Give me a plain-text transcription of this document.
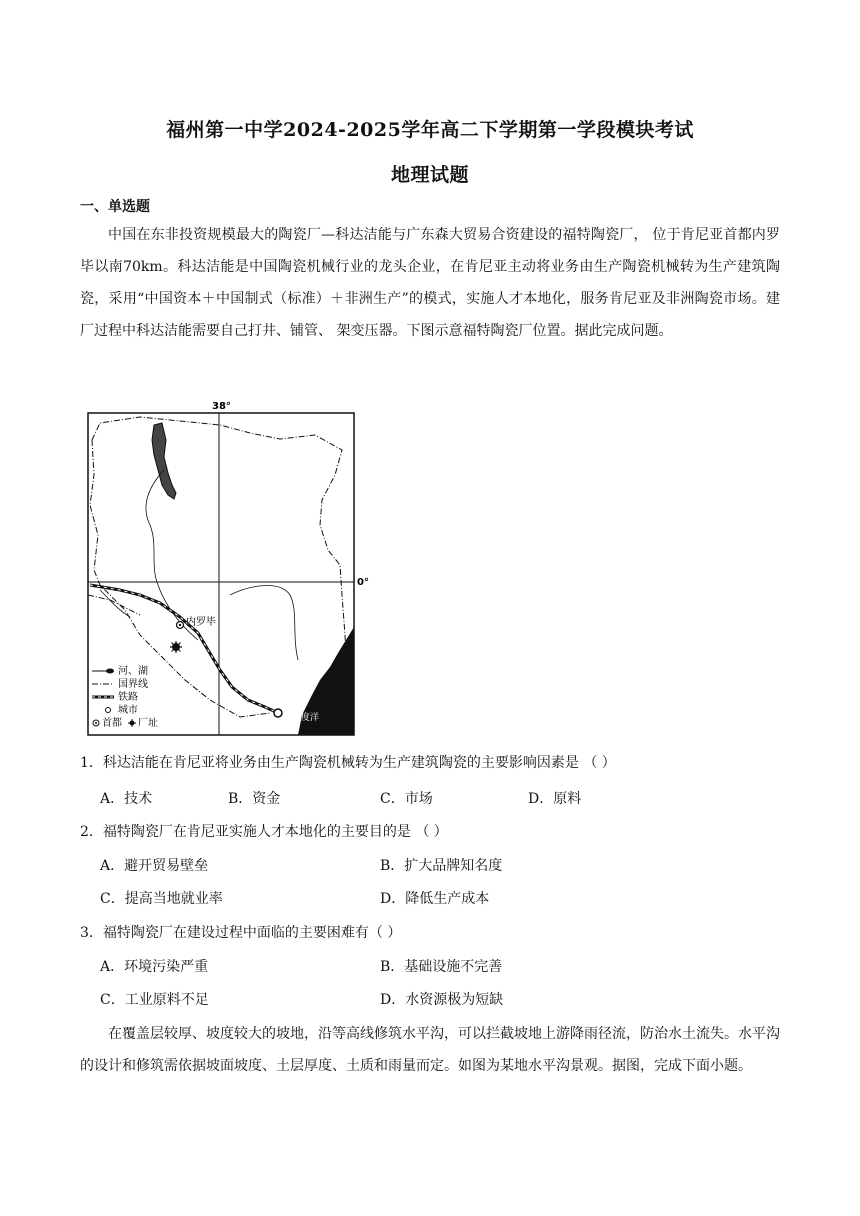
福州第一中学2024-2025学年高二下学期第一学段模块考试
地理试题
一、单选题
中国在东非投资规模最大的陶瓷厂—科达洁能与广东森大贸易合资建设的福特陶瓷厂， 位于肯尼亚首都内罗毕以南70km。科达洁能是中国陶瓷机械行业的龙头企业，在肯尼亚主动将业务由生产陶瓷机械转为生产建筑陶瓷，采用“中国资本＋中国制式（标准）＋非洲生产”的模式，实施人才本地化，服务肯尼亚及非洲陶瓷市场。建厂过程中科达洁能需要自己打井、铺管、 架变压器。下图示意福特陶瓷厂位置。据此完成问题。
38°
0°
印度洋
内罗毕
河、湖
国界线
铁路
城市
首都 厂址
1．科达洁能在肯尼亚将业务由生产陶瓷机械转为生产建筑陶瓷的主要影响因素是 （ ）
A．技术	B．资金	C．市场	D．原料
2．福特陶瓷厂在肯尼亚实施人才本地化的主要目的是 （ ）
A．避开贸易壁垒	B．扩大品牌知名度
C．提高当地就业率	D．降低生产成本
3．福特陶瓷厂在建设过程中面临的主要困难有（ ）
A．环境污染严重	B．基础设施不完善
C．工业原料不足	D．水资源极为短缺
在覆盖层较厚、坡度较大的坡地，沿等高线修筑水平沟，可以拦截坡地上游降雨径流，防治水土流失。水平沟的设计和修筑需依据坡面坡度、土层厚度、土质和雨量而定。如图为某地水平沟景观。据图，完成下面小题。
